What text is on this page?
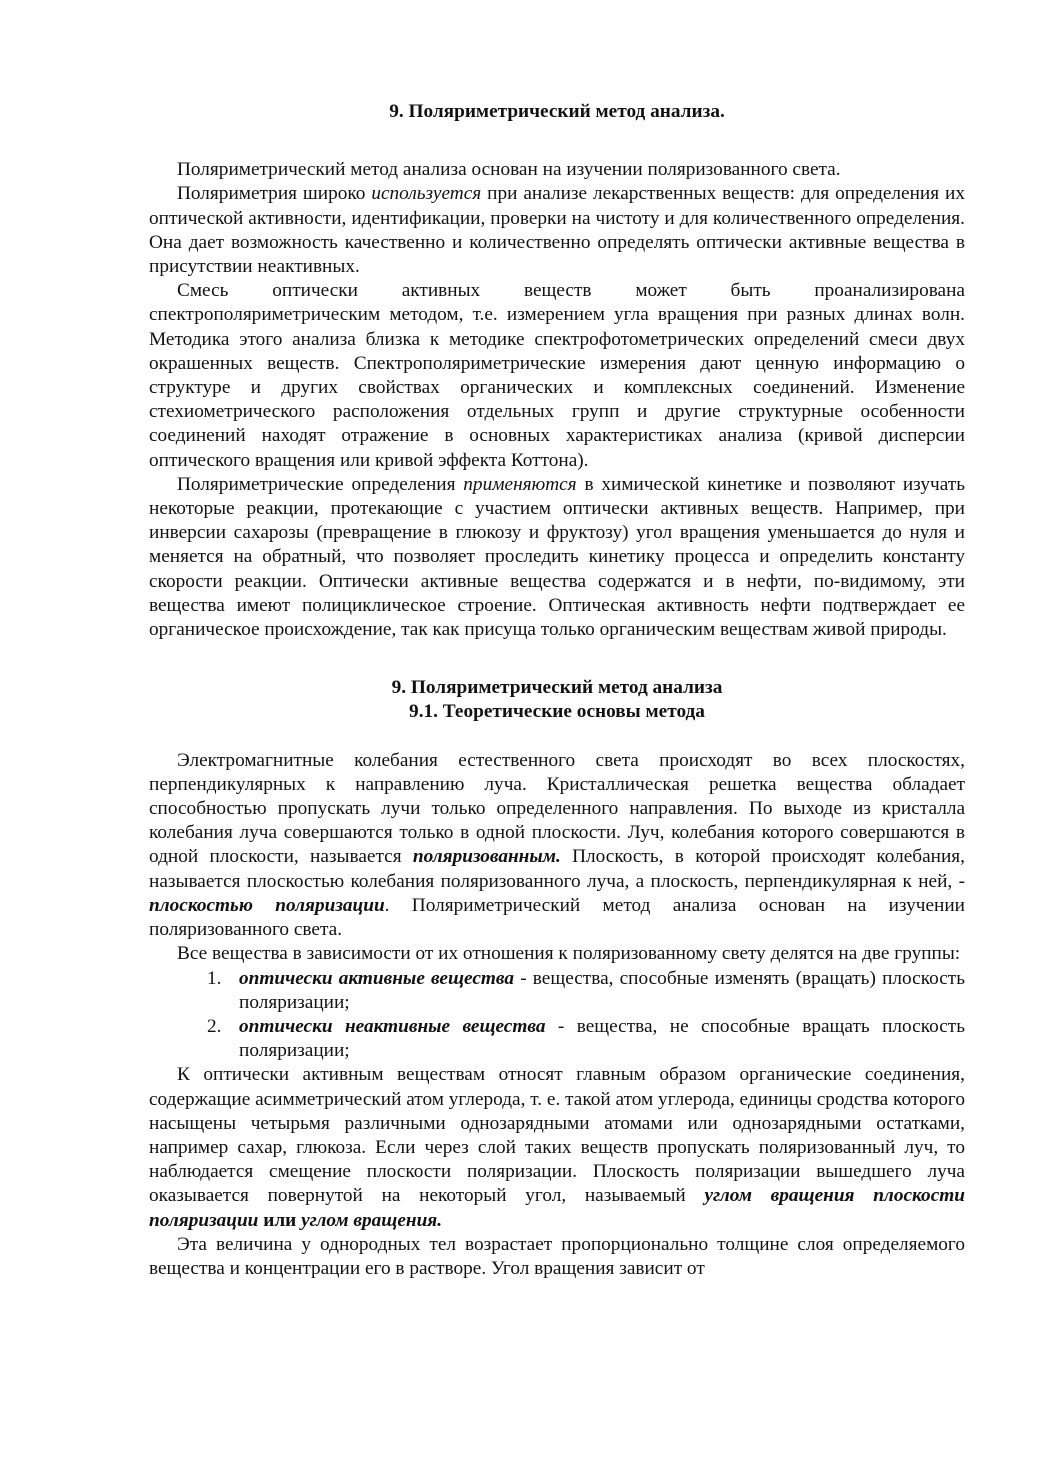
9. Поляриметрический метод анализа.

Поляриметрический метод анализа основан на изучении поляризованного света.

Поляриметрия широко используется при анализе лекарственных веществ: для определения их оптической активности, идентификации, проверки на чистоту и для количественного определения. Она дает возможность качественно и количественно определять оптически активные вещества в присутствии неактивных.

Смесь оптически активных веществ может быть проанализирована спектрополяриметрическим методом, т.е. измерением угла вращения при разных длинах волн. Методика этого анализа близка к методике спектрофотометрических определений смеси двух окрашенных веществ. Спектрополяриметрические измерения дают ценную информацию о структуре и других свойствах органических и комплексных соединений. Изменение стехиометрического расположения отдельных групп и другие структурные особенности соединений находят отражение в основных характеристиках анализа (кривой дисперсии оптического вращения или кривой эффекта Коттона).

Поляриметрические определения применяются в химической кинетике и позволяют изучать некоторые реакции, протекающие с участием оптически активных веществ. Например, при инверсии сахарозы (превращение в глюкозу и фруктозу) угол вращения уменьшается до нуля и меняется на обратный, что позволяет проследить кинетику процесса и определить константу скорости реакции. Оптически активные вещества содержатся и в нефти, по-видимому, эти вещества имеют полициклическое строение. Оптическая активность нефти подтверждает ее органическое происхождение, так как присуща только органическим веществам живой природы.

9. Поляриметрический метод анализа

9.1. Теоретические основы метода

Электромагнитные колебания естественного света происходят во всех плоскостях, перпендикулярных к направлению луча. Кристаллическая решетка вещества обладает способностью пропускать лучи только определенного направления. По выходе из кристалла колебания луча совершаются только в одной плоскости. Луч, колебания которого совершаются в одной плоскости, называется поляризованным. Плоскость, в которой происходят колебания, называется плоскостью колебания поляризованного луча, а плоскость, перпендикулярная к ней, - плоскостью поляризации. Поляриметрический метод анализа основан на изучении поляризованного света.

Все вещества в зависимости от их отношения к поляризованному свету делятся на две группы:

1. оптически активные вещества - вещества, способные изменять (вращать) плоскость поляризации;

2. оптически неактивные вещества - вещества, не способные вращать плоскость поляризации;

К оптически активным веществам относят главным образом органические соединения, содержащие асимметрический атом углерода, т. е. такой атом углерода, единицы сродства которого насыщены четырьмя различными однозарядными атомами или однозарядными остатками, например сахар, глюкоза. Если через слой таких веществ пропускать поляризованный луч, то наблюдается смещение плоскости поляризации. Плоскость поляризации вышедшего луча оказывается повернутой на некоторый угол, называемый углом вращения плоскости поляризации или углом вращения.

Эта величина у однородных тел возрастает пропорционально толщине слоя определяемого вещества и концентрации его в растворе. Угол вращения зависит от
